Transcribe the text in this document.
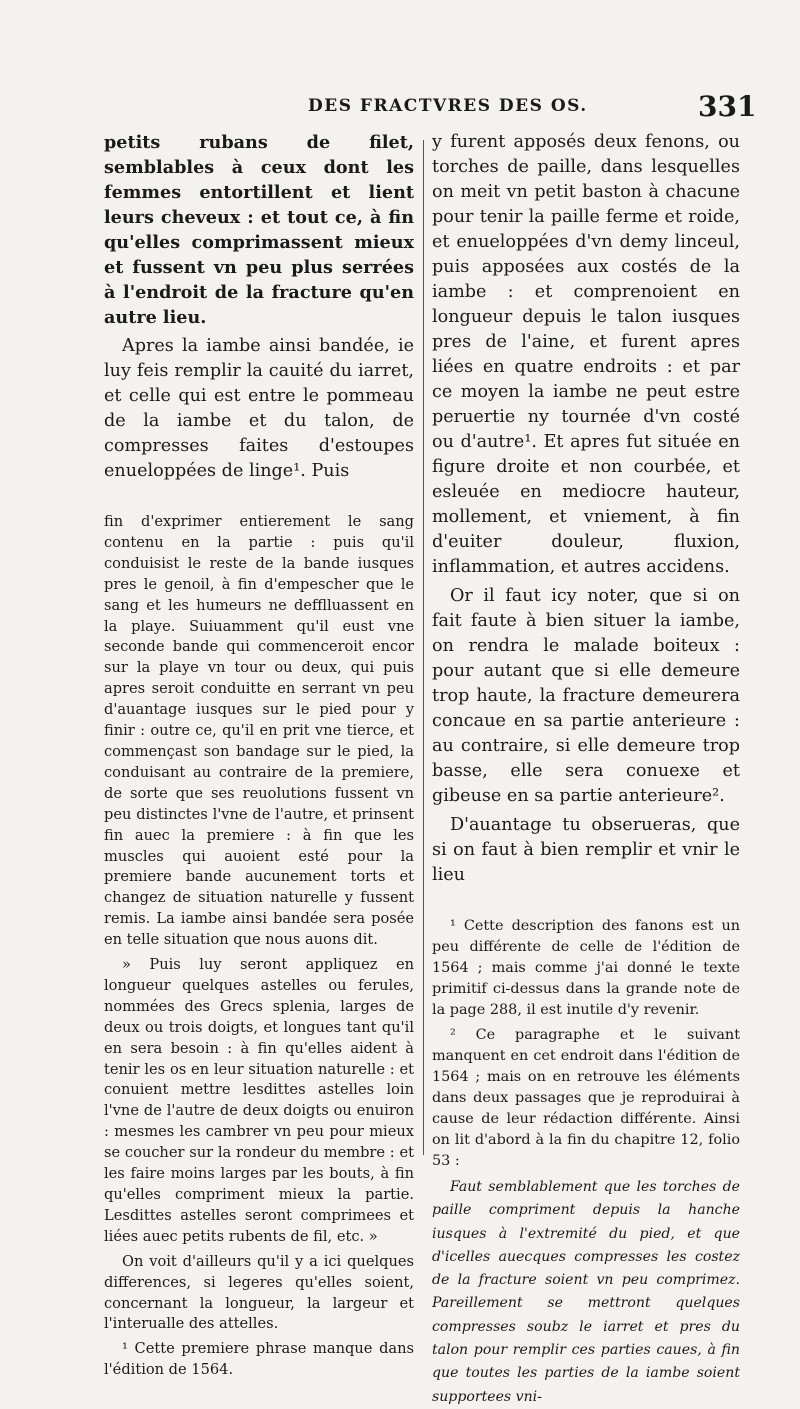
DES FRACTVRES DES OS.	331

petits rubans de filet, semblables à ceux dont les femmes entortillent et lient leurs cheveux : et tout ce, à fin qu'elles comprimassent mieux et fussent vn peu plus serrées à l'endroit de la fracture qu'en autre lieu.

Apres la iambe ainsi bandée, ie luy feis remplir la cauité du iarret, et celle qui est entre le pommeau de la iambe et du talon, de compresses faites d'estoupes enueloppées de linge¹. Puis

fin d'exprimer entierement le sang contenu en la partie : puis qu'il conduisist le reste de la bande iusques pres le genoil, à fin d'empescher que le sang et les humeurs ne defflluassent en la playe. Suiuamment qu'il eust vne seconde bande qui commenceroit encor sur la playe vn tour ou deux, qui puis apres seroit conduitte en serrant vn peu d'auantage iusques sur le pied pour y finir : outre ce, qu'il en prit vne tierce, et commençast son bandage sur le pied, la conduisant au contraire de la premiere, de sorte que ses reuolutions fussent vn peu distinctes l'vne de l'autre, et prinsent fin auec la premiere : à fin que les muscles qui auoient esté pour la premiere bande aucunement torts et changez de situation naturelle y fussent remis. La iambe ainsi bandée sera posée en telle situation que nous auons dit.

» Puis luy seront appliquez en longueur quelques astelles ou ferules, nommées des Grecs splenia, larges de deux ou trois doigts, et longues tant qu'il en sera besoin : à fin qu'elles aident à tenir les os en leur situation naturelle : et conuient mettre lesdittes astelles loin l'vne de l'autre de deux doigts ou enuiron : mesmes les cambrer vn peu pour mieux se coucher sur la rondeur du membre : et les faire moins larges par les bouts, à fin qu'elles compriment mieux la partie. Lesdittes astelles seront comprimees et liées auec petits rubents de fil, etc. »

On voit d'ailleurs qu'il y a ici quelques differences, si legeres qu'elles soient, concernant la longueur, la largeur et l'interualle des attelles.

¹ Cette premiere phrase manque dans l'édition de 1564.

y furent apposés deux fenons, ou torches de paille, dans lesquelles on meit vn petit baston à chacune pour tenir la paille ferme et roide, et enueloppées d'vn demy linceul, puis apposées aux costés de la iambe : et comprenoient en longueur depuis le talon iusques pres de l'aine, et furent apres liées en quatre endroits : et par ce moyen la iambe ne peut estre peruertie ny tournée d'vn costé ou d'autre¹. Et apres fut située en figure droite et non courbée, et esleuée en mediocre hauteur, mollement, et vniement, à fin d'euiter douleur, fluxion, inflammation, et autres accidens.

Or il faut icy noter, que si on fait faute à bien situer la iambe, on rendra le malade boiteux : pour autant que si elle demeure trop haute, la fracture demeurera concaue en sa partie anterieure : au contraire, si elle demeure trop basse, elle sera conuexe et gibeuse en sa partie anterieure².

D'auantage tu obserueras, que si on faut à bien remplir et vnir le lieu

¹ Cette description des fanons est un peu différente de celle de l'édition de 1564 ; mais comme j'ai donné le texte primitif ci-dessus dans la grande note de la page 288, il est inutile d'y revenir.

² Ce paragraphe et le suivant manquent en cet endroit dans l'édition de 1564 ; mais on en retrouve les éléments dans deux passages que je reproduirai à cause de leur rédaction différente. Ainsi on lit d'abord à la fin du chapitre 12, folio 53 :

Faut semblablement que les torches de paille compriment depuis la hanche iusques à l'extremité du pied, et que d'icelles auecques compresses les costez de la fracture soient vn peu comprimez. Pareillement se mettront quelques compresses soubz le iarret et pres du talon pour remplir ces parties caues, à fin que toutes les parties de la iambe soient supportees vni-
